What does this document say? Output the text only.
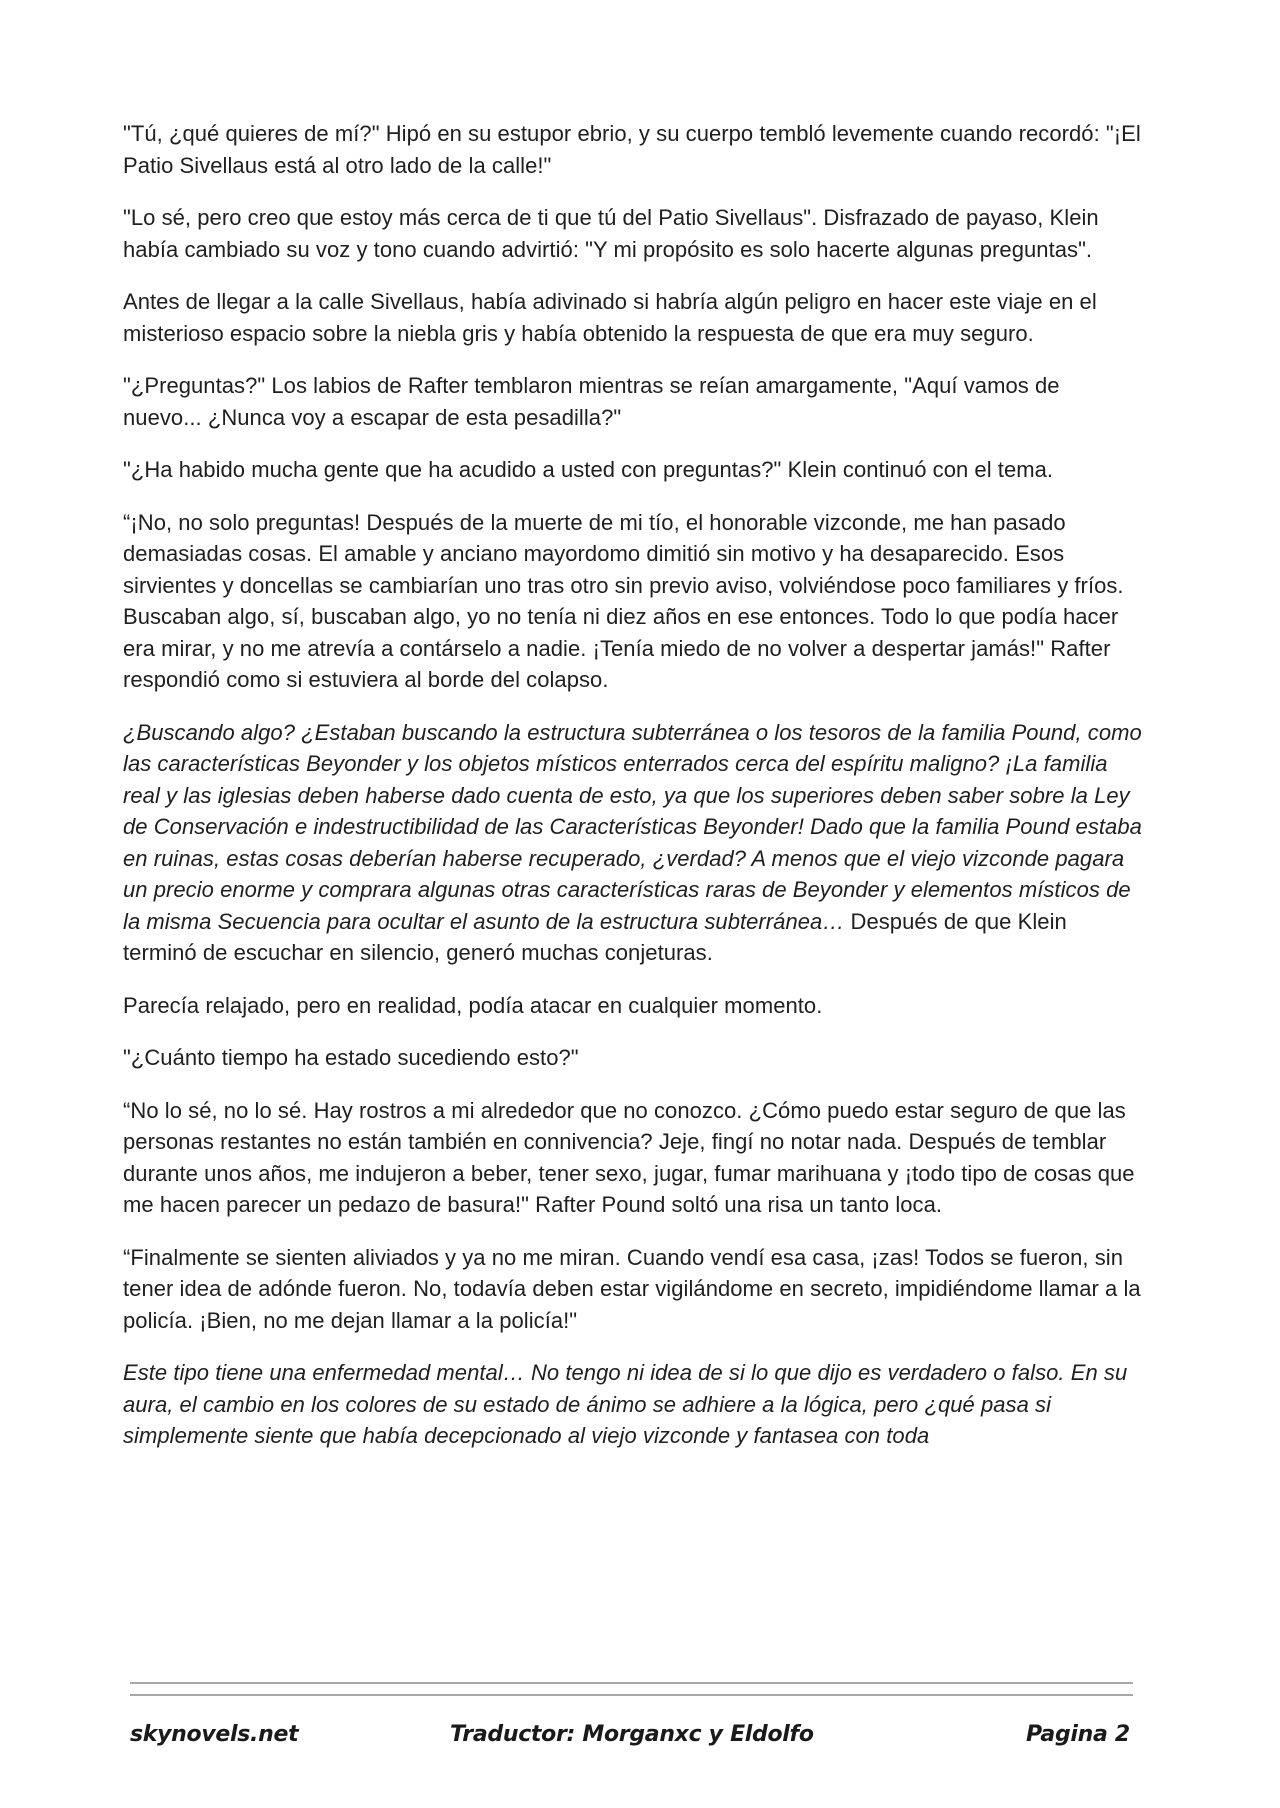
"Tú, ¿qué quieres de mí?" Hipó en su estupor ebrio, y su cuerpo tembló levemente cuando recordó: "¡El Patio Sivellaus está al otro lado de la calle!"

"Lo sé, pero creo que estoy más cerca de ti que tú del Patio Sivellaus". Disfrazado de payaso, Klein había cambiado su voz y tono cuando advirtió: "Y mi propósito es solo hacerte algunas preguntas".

Antes de llegar a la calle Sivellaus, había adivinado si habría algún peligro en hacer este viaje en el misterioso espacio sobre la niebla gris y había obtenido la respuesta de que era muy seguro.

"¿Preguntas?" Los labios de Rafter temblaron mientras se reían amargamente, "Aquí vamos de nuevo... ¿Nunca voy a escapar de esta pesadilla?"

"¿Ha habido mucha gente que ha acudido a usted con preguntas?" Klein continuó con el tema.

“¡No, no solo preguntas! Después de la muerte de mi tío, el honorable vizconde, me han pasado demasiadas cosas. El amable y anciano mayordomo dimitió sin motivo y ha desaparecido. Esos sirvientes y doncellas se cambiarían uno tras otro sin previo aviso, volviéndose poco familiares y fríos. Buscaban algo, sí, buscaban algo, yo no tenía ni diez años en ese entonces. Todo lo que podía hacer era mirar, y no me atrevía a contárselo a nadie. ¡Tenía miedo de no volver a despertar jamás!" Rafter respondió como si estuviera al borde del colapso.

¿Buscando algo? ¿Estaban buscando la estructura subterránea o los tesoros de la familia Pound, como las características Beyonder y los objetos místicos enterrados cerca del espíritu maligno? ¡La familia real y las iglesias deben haberse dado cuenta de esto, ya que los superiores deben saber sobre la Ley de Conservación e indestructibilidad de las Características Beyonder! Dado que la familia Pound estaba en ruinas, estas cosas deberían haberse recuperado, ¿verdad? A menos que el viejo vizconde pagara un precio enorme y comprara algunas otras características raras de Beyonder y elementos místicos de la misma Secuencia para ocultar el asunto de la estructura subterránea… Después de que Klein terminó de escuchar en silencio, generó muchas conjeturas.

Parecía relajado, pero en realidad, podía atacar en cualquier momento.

"¿Cuánto tiempo ha estado sucediendo esto?"

“No lo sé, no lo sé. Hay rostros a mi alrededor que no conozco. ¿Cómo puedo estar seguro de que las personas restantes no están también en connivencia? Jeje, fingí no notar nada. Después de temblar durante unos años, me indujeron a beber, tener sexo, jugar, fumar marihuana y ¡todo tipo de cosas que me hacen parecer un pedazo de basura!" Rafter Pound soltó una risa un tanto loca.

“Finalmente se sienten aliviados y ya no me miran. Cuando vendí esa casa, ¡zas! Todos se fueron, sin tener idea de adónde fueron. No, todavía deben estar vigilándome en secreto, impidiéndome llamar a la policía. ¡Bien, no me dejan llamar a la policía!"

Este tipo tiene una enfermedad mental… No tengo ni idea de si lo que dijo es verdadero o falso. En su aura, el cambio en los colores de su estado de ánimo se adhiere a la lógica, pero ¿qué pasa si simplemente siente que había decepcionado al viejo vizconde y fantasea con toda

skynovels.net	Traductor: Morganxc y Eldolfo	Pagina 2
